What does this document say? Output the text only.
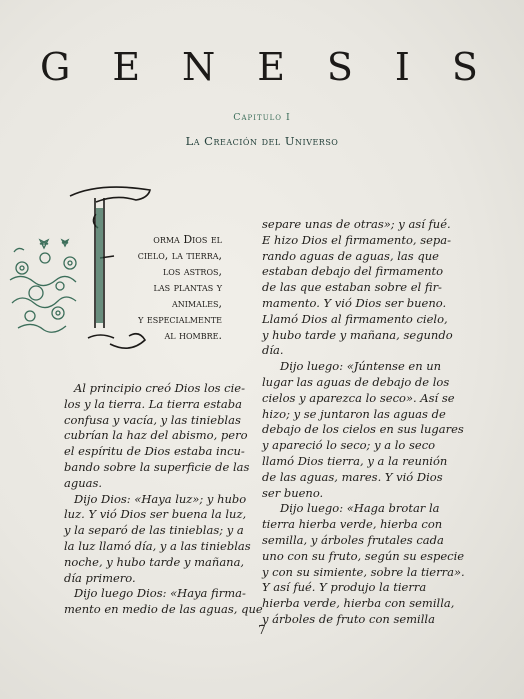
G E N E S I S
Capitulo I
La Creación del Universo
orma Dios el
cielo, la tierra,
los astros,
las plantas y
animales,
y especialmente
al hombre.
Al principio creó Dios los cie-
los y la tierra. La tierra estaba
confusa y vacía, y las tinieblas
cubrían la haz del abismo, pero
el espíritu de Dios estaba incu-
bando sobre la superficie de las
aguas.
Dijo Dios: «Haya luz»; y hubo
luz. Y vió Dios ser buena la luz,
y la separó de las tinieblas; y a
la luz llamó día, y a las tinieblas
noche, y hubo tarde y mañana,
día primero.
Dijo luego Dios: «Haya firma-
mento en medio de las aguas, que
separe unas de otras»; y así fué.
E hizo Dios el firmamento, sepa-
rando aguas de aguas, las que
estaban debajo del firmamento
de las que estaban sobre el fir-
mamento. Y vió Dios ser bueno.
Llamó Dios al firmamento cielo,
y hubo tarde y mañana, segundo
día.
Dijo luego: «Júntense en un
lugar las aguas de debajo de los
cielos y aparezca lo seco». Así se
hizo; y se juntaron las aguas de
debajo de los cielos en sus lugares
y apareció lo seco; y a lo seco
llamó Dios tierra, y a la reunión
de las aguas, mares. Y vió Dios
ser bueno.
Dijo luego: «Haga brotar la
tierra hierba verde, hierba con
semilla, y árboles frutales cada
uno con su fruto, según su especie
y con su simiente, sobre la tierra».
Y así fué. Y produjo la tierra
hierba verde, hierba con semilla,
y árboles de fruto con semilla
7
